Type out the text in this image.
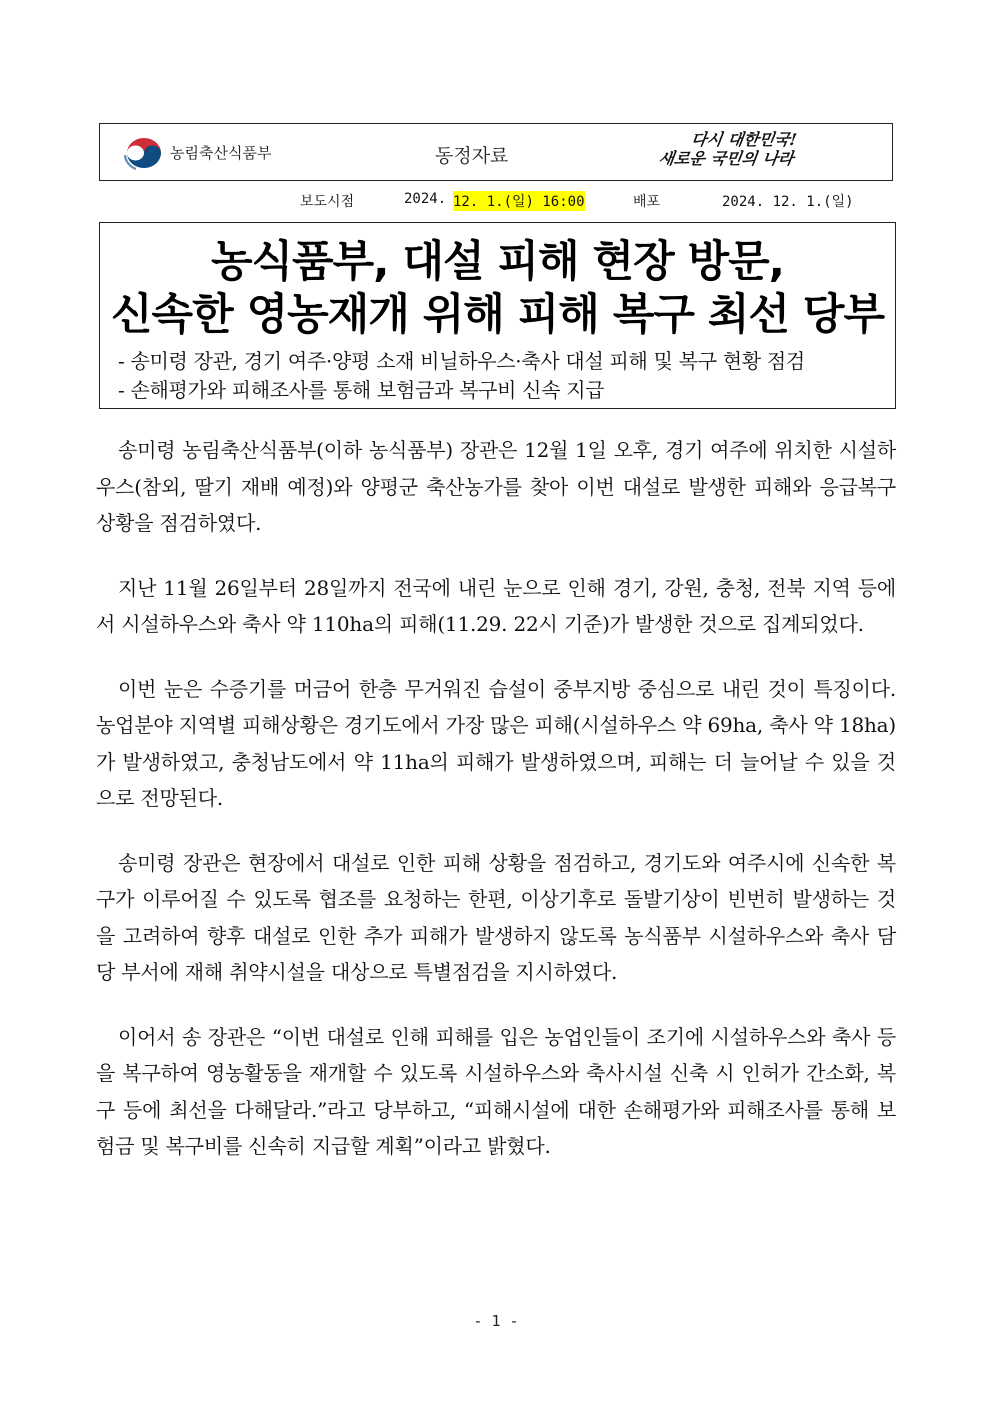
농림축산식품부	동정자료
다시 대한민국!
새로운 국민의 나라
보도시점	2024. 12. 1.(일) 16:00	배포	2024. 12. 1.(일)
농식품부, 대설 피해 현장 방문,
신속한 영농재개 위해 피해 복구 최선 당부
- 송미령 장관, 경기 여주·양평 소재 비닐하우스·축사 대설 피해 및 복구 현황 점검
- 손해평가와 피해조사를 통해 보험금과 복구비 신속 지급

송미령 농림축산식품부(이하 농식품부) 장관은 12월 1일 오후, 경기 여주에 위치한 시설하우스(참외, 딸기 재배 예정)와 양평군 축산농가를 찾아 이번 대설로 발생한 피해와 응급복구 상황을 점검하였다.

지난 11월 26일부터 28일까지 전국에 내린 눈으로 인해 경기, 강원, 충청, 전북 지역 등에서 시설하우스와 축사 약 110ha의 피해(11.29. 22시 기준)가 발생한 것으로 집계되었다.

이번 눈은 수증기를 머금어 한층 무거워진 습설이 중부지방 중심으로 내린 것이 특징이다. 농업분야 지역별 피해상황은 경기도에서 가장 많은 피해(시설하우스 약 69ha, 축사 약 18ha)가 발생하였고, 충청남도에서 약 11ha의 피해가 발생하였으며, 피해는 더 늘어날 수 있을 것으로 전망된다.

송미령 장관은 현장에서 대설로 인한 피해 상황을 점검하고, 경기도와 여주시에 신속한 복구가 이루어질 수 있도록 협조를 요청하는 한편, 이상기후로 돌발기상이 빈번히 발생하는 것을 고려하여 향후 대설로 인한 추가 피해가 발생하지 않도록 농식품부 시설하우스와 축사 담당 부서에 재해 취약시설을 대상으로 특별점검을 지시하였다.

이어서 송 장관은 “이번 대설로 인해 피해를 입은 농업인들이 조기에 시설하우스와 축사 등을 복구하여 영농활동을 재개할 수 있도록 시설하우스와 축사시설 신축 시 인허가 간소화, 복구 등에 최선을 다해달라.”라고 당부하고, “피해시설에 대한 손해평가와 피해조사를 통해 보험금 및 복구비를 신속히 지급할 계획”이라고 밝혔다.

- 1 -
